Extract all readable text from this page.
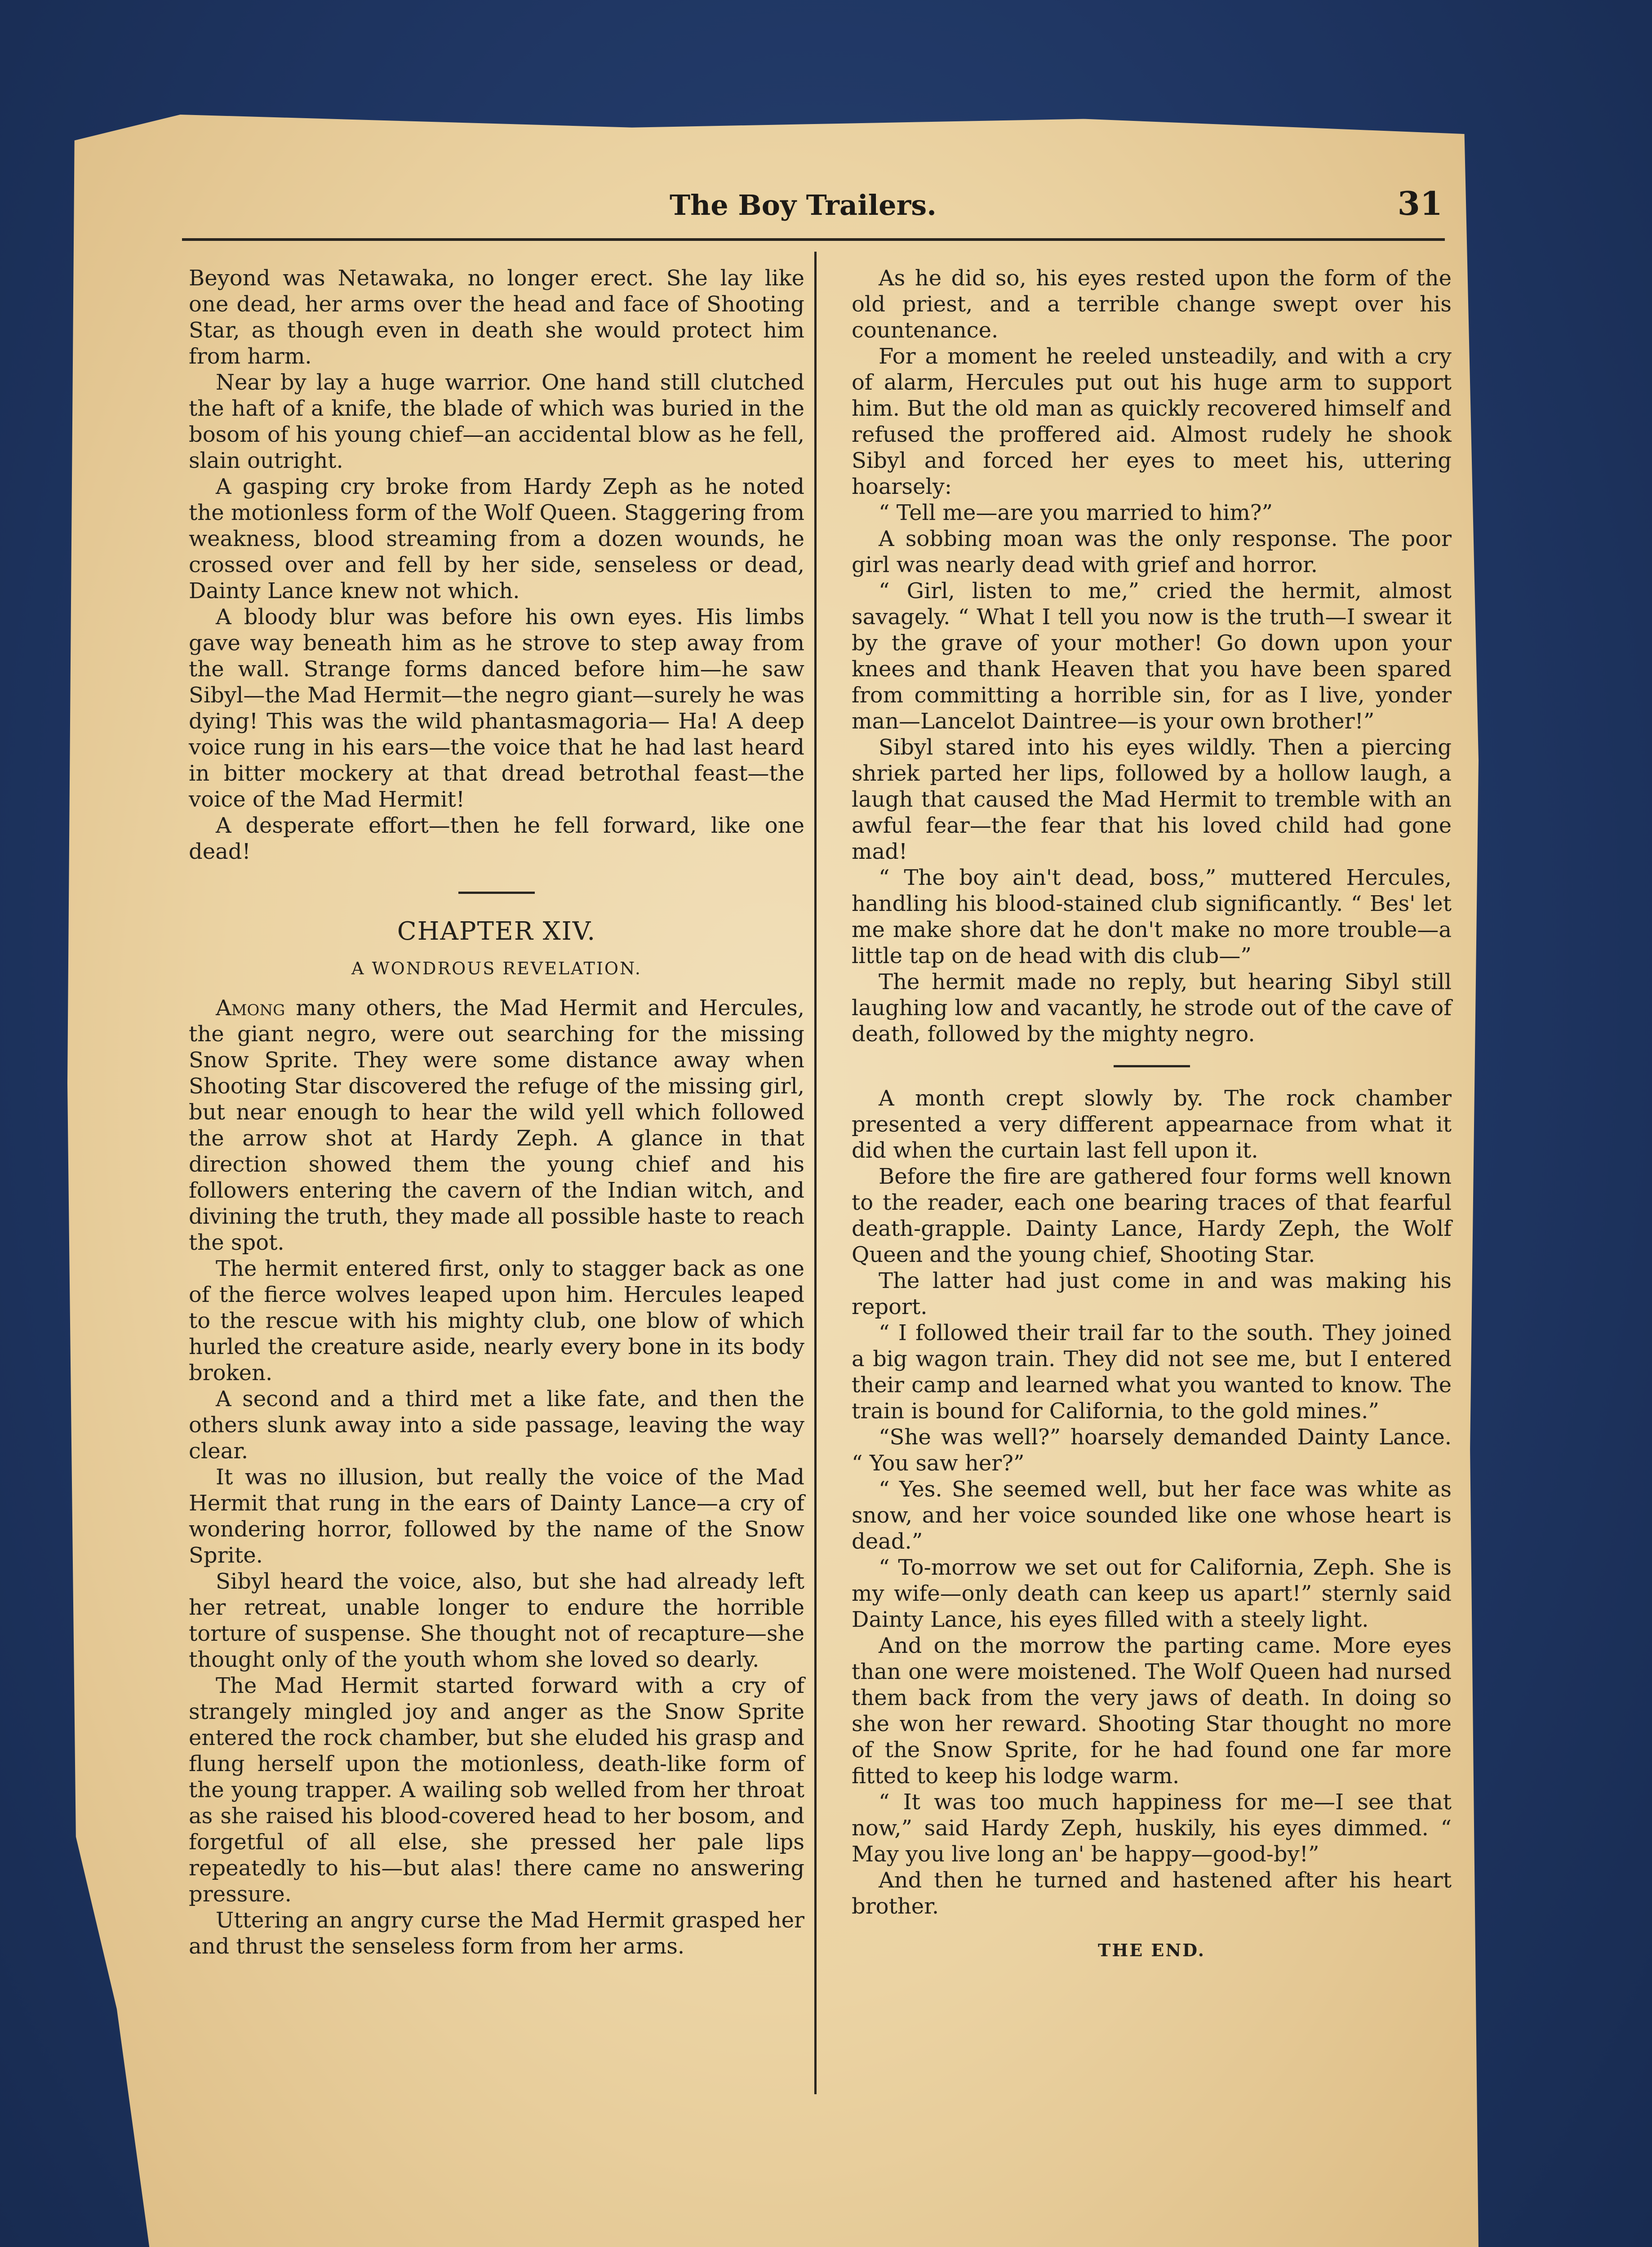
The Boy Trailers.	31

Beyond was Netawaka, no longer erect. She lay like one dead, her arms over the head and face of Shooting Star, as though even in death she would protect him from harm.

Near by lay a huge warrior. One hand still clutched the haft of a knife, the blade of which was buried in the bosom of his young chief—an accidental blow as he fell, slain outright.

A gasping cry broke from Hardy Zeph as he noted the motionless form of the Wolf Queen. Staggering from weakness, blood streaming from a dozen wounds, he crossed over and fell by her side, senseless or dead, Dainty Lance knew not which.

A bloody blur was before his own eyes. His limbs gave way beneath him as he strove to step away from the wall. Strange forms danced before him—he saw Sibyl—the Mad Hermit—the negro giant—surely he was dying! This was the wild phantasmagoria— Ha! A deep voice rung in his ears—the voice that he had last heard in bitter mockery at that dread betrothal feast—the voice of the Mad Hermit!

A desperate effort—then he fell forward, like one dead!

CHAPTER XIV.
A WONDROUS REVELATION.

Among many others, the Mad Hermit and Hercules, the giant negro, were out searching for the missing Snow Sprite. They were some distance away when Shooting Star discovered the refuge of the missing girl, but near enough to hear the wild yell which followed the arrow shot at Hardy Zeph. A glance in that direction showed them the young chief and his followers entering the cavern of the Indian witch, and divining the truth, they made all possible haste to reach the spot.

The hermit entered first, only to stagger back as one of the fierce wolves leaped upon him. Hercules leaped to the rescue with his mighty club, one blow of which hurled the creature aside, nearly every bone in its body broken.

A second and a third met a like fate, and then the others slunk away into a side passage, leaving the way clear.

It was no illusion, but really the voice of the Mad Hermit that rung in the ears of Dainty Lance—a cry of wondering horror, followed by the name of the Snow Sprite.

Sibyl heard the voice, also, but she had already left her retreat, unable longer to endure the horrible torture of suspense. She thought not of recapture—she thought only of the youth whom she loved so dearly.

The Mad Hermit started forward with a cry of strangely mingled joy and anger as the Snow Sprite entered the rock chamber, but she eluded his grasp and flung herself upon the motionless, death-like form of the young trapper. A wailing sob welled from her throat as she raised his blood-covered head to her bosom, and forgetful of all else, she pressed her pale lips repeatedly to his—but alas! there came no answering pressure.

Uttering an angry curse the Mad Hermit grasped her and thrust the senseless form from her arms.

As he did so, his eyes rested upon the form of the old priest, and a terrible change swept over his countenance.

For a moment he reeled unsteadily, and with a cry of alarm, Hercules put out his huge arm to support him. But the old man as quickly recovered himself and refused the proffered aid. Almost rudely he shook Sibyl and forced her eyes to meet his, uttering hoarsely:

“ Tell me—are you married to him?”

A sobbing moan was the only response. The poor girl was nearly dead with grief and horror.

“ Girl, listen to me,” cried the hermit, almost savagely. “ What I tell you now is the truth—I swear it by the grave of your mother! Go down upon your knees and thank Heaven that you have been spared from committing a horrible sin, for as I live, yonder man—Lancelot Daintree—is your own brother!”

Sibyl stared into his eyes wildly. Then a piercing shriek parted her lips, followed by a hollow laugh, a laugh that caused the Mad Hermit to tremble with an awful fear—the fear that his loved child had gone mad!

“ The boy ain't dead, boss,” muttered Hercules, handling his blood-stained club significantly. “ Bes' let me make shore dat he don't make no more trouble—a little tap on de head with dis club—”

The hermit made no reply, but hearing Sibyl still laughing low and vacantly, he strode out of the cave of death, followed by the mighty negro.

A month crept slowly by. The rock chamber presented a very different appearnace from what it did when the curtain last fell upon it.

Before the fire are gathered four forms well known to the reader, each one bearing traces of that fearful death-grapple. Dainty Lance, Hardy Zeph, the Wolf Queen and the young chief, Shooting Star.

The latter had just come in and was making his report.

“ I followed their trail far to the south. They joined a big wagon train. They did not see me, but I entered their camp and learned what you wanted to know. The train is bound for California, to the gold mines.”

“She was well?” hoarsely demanded Dainty Lance. “ You saw her?”

“ Yes. She seemed well, but her face was white as snow, and her voice sounded like one whose heart is dead.”

“ To-morrow we set out for California, Zeph. She is my wife—only death can keep us apart!” sternly said Dainty Lance, his eyes filled with a steely light.

And on the morrow the parting came. More eyes than one were moistened. The Wolf Queen had nursed them back from the very jaws of death. In doing so she won her reward. Shooting Star thought no more of the Snow Sprite, for he had found one far more fitted to keep his lodge warm.

“ It was too much happiness for me—I see that now,” said Hardy Zeph, huskily, his eyes dimmed. “ May you live long an' be happy—good-by!”

And then he turned and hastened after his heart brother.

THE END.
